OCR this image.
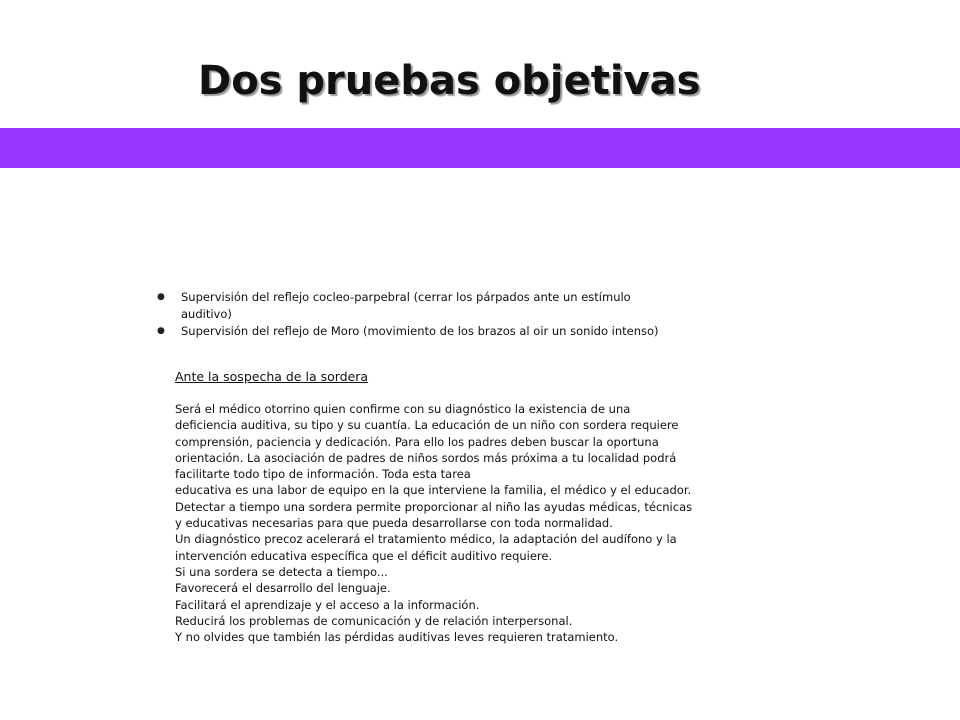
Dos pruebas objetivas
● Supervisión del reflejo cocleo-parpebral (cerrar los párpados ante un estímulo
auditivo)
● Supervisión del reflejo de Moro (movimiento de los brazos al oir un sonido intenso)
Ante la sospecha de la sordera
Será el médico otorrino quien confirme con su diagnóstico la existencia de una
deficiencia auditiva, su tipo y su cuantía. La educación de un niño con sordera requiere
comprensión, paciencia y dedicación. Para ello los padres deben buscar la oportuna
orientación. La asociación de padres de niños sordos más próxima a tu localidad podrá
facilitarte todo tipo de información. Toda esta tarea
educativa es una labor de equipo en la que interviene la familia, el médico y el educador.
Detectar a tiempo una sordera permite proporcionar al niño las ayudas médicas, técnicas
y educativas necesarias para que pueda desarrollarse con toda normalidad.
Un diagnóstico precoz acelerará el tratamiento médico, la adaptación del audífono y la
intervención educativa específica que el déficit auditivo requiere.
Si una sordera se detecta a tiempo...
Favorecerá el desarrollo del lenguaje.
Facilitará el aprendizaje y el acceso a la información.
Reducirá los problemas de comunicación y de relación interpersonal.
Y no olvides que también las pérdidas auditivas leves requieren tratamiento.
